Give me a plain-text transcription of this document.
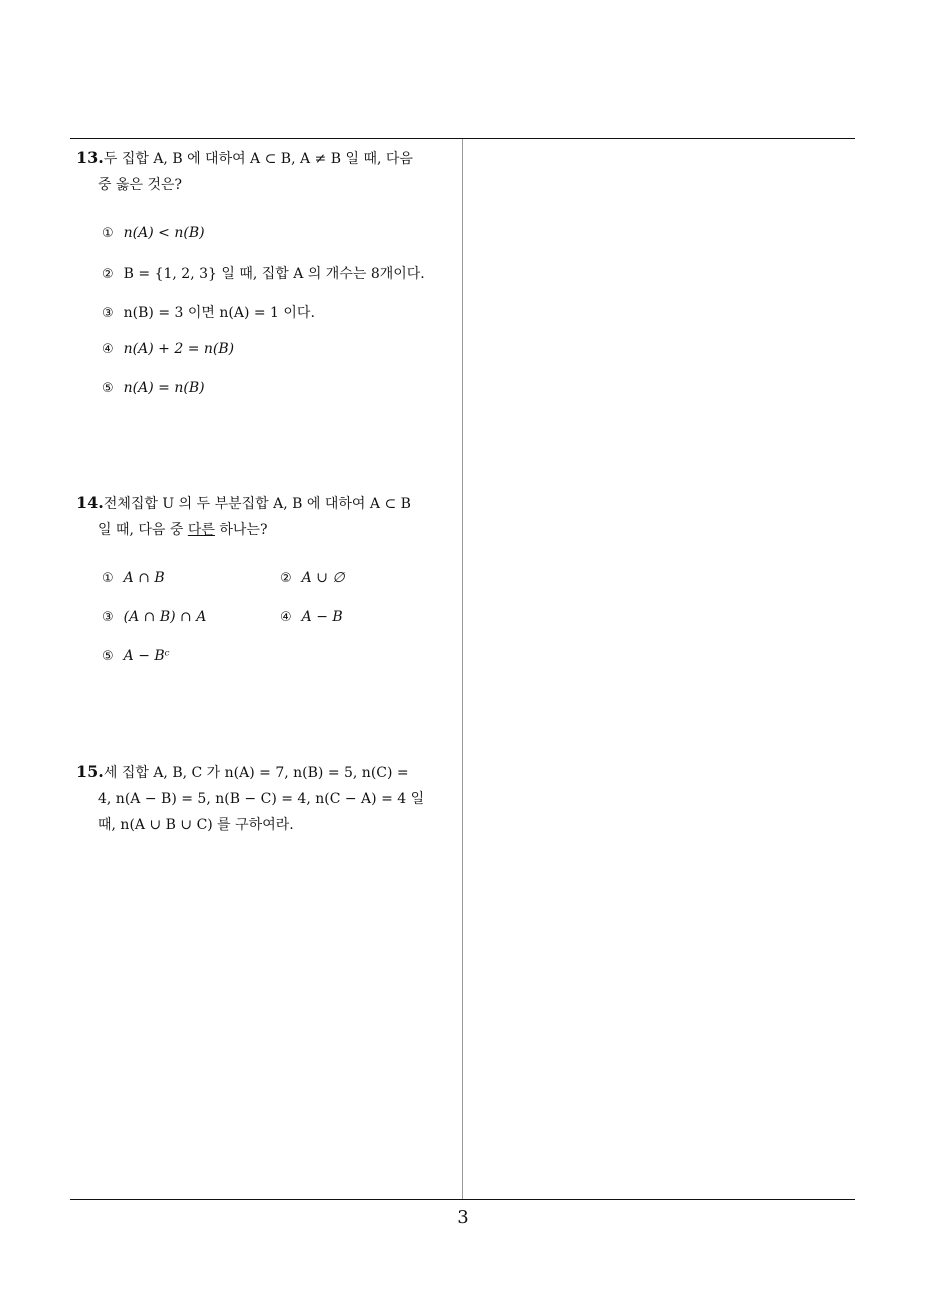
13.두 집합 A, B 에 대하여 A ⊂ B, A ≠ B 일 때, 다음
중 옳은 것은?
① n(A) < n(B)
② B = {1, 2, 3} 일 때, 집합 A 의 개수는 8개이다.
③ n(B) = 3 이면 n(A) = 1 이다.
④ n(A) + 2 = n(B)
⑤ n(A) = n(B)
14.전체집합 U 의 두 부분집합 A, B 에 대하여 A ⊂ B
일 때, 다음 중 다른 하나는?
① A ∩ B	② A ∪ ∅
③ (A ∩ B) ∩ A	④ A − B
⑤ A − Bᶜ
15.세 집합 A, B, C 가 n(A) = 7, n(B) = 5, n(C) =
4, n(A − B) = 5, n(B − C) = 4, n(C − A) = 4 일
때, n(A ∪ B ∪ C) 를 구하여라.
3
